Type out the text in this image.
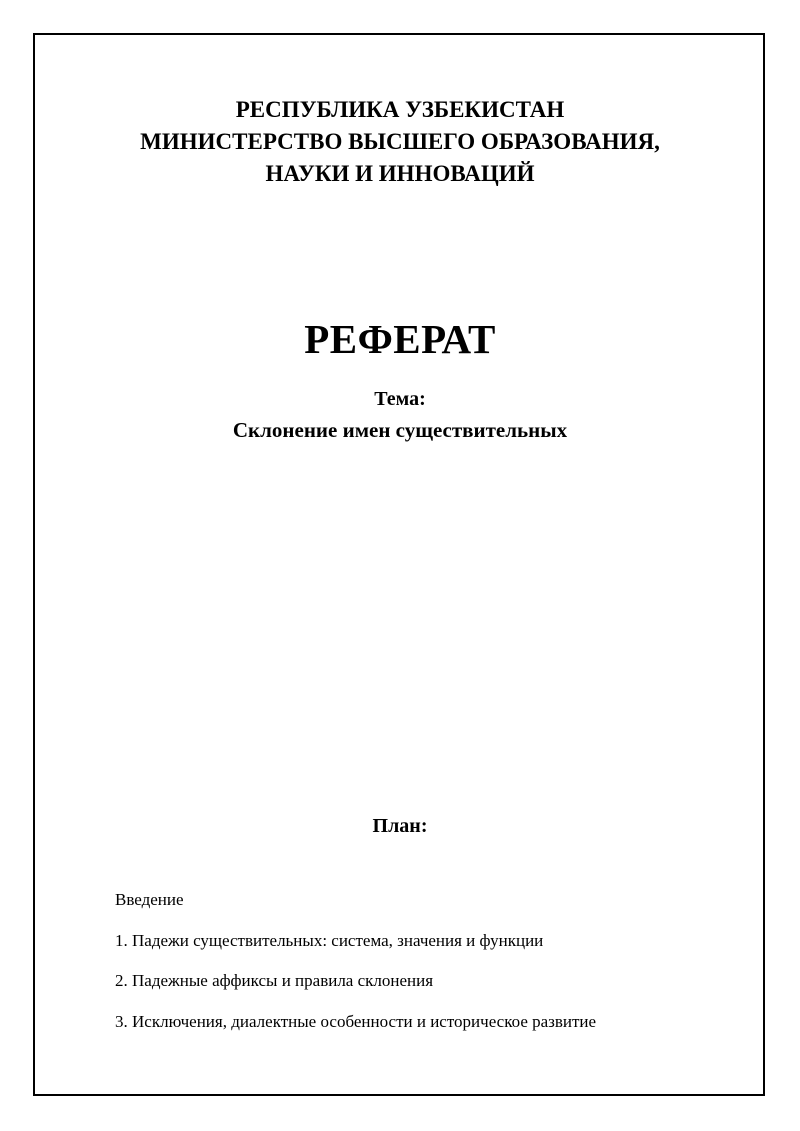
РЕСПУБЛИКА УЗБЕКИСТАН
МИНИСТЕРСТВО ВЫСШЕГО ОБРАЗОВАНИЯ,
НАУКИ И ИННОВАЦИЙ
РЕФЕРАТ
Тема:
Склонение имен существительных
План:
Введение
1. Падежи существительных: система, значения и функции
2. Падежные аффиксы и правила склонения
3. Исключения, диалектные особенности и историческое развитие
